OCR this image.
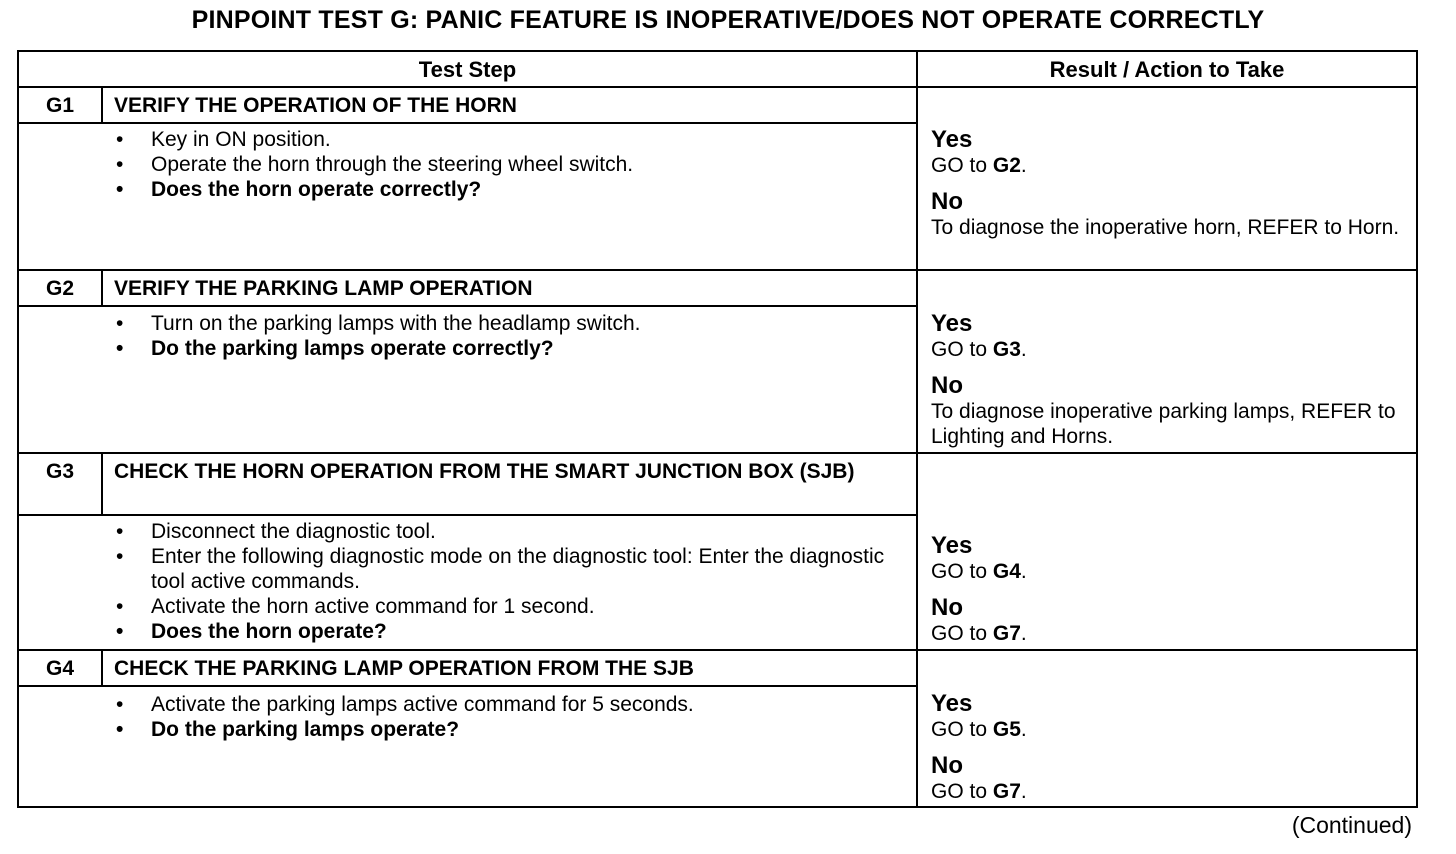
PINPOINT TEST G: PANIC FEATURE IS INOPERATIVE/DOES NOT OPERATE CORRECTLY
Test Step	Result / Action to Take
G1	VERIFY THE OPERATION OF THE HORN
• Key in ON position.
• Operate the horn through the steering wheel switch.
• Does the horn operate correctly?
Yes
GO to G2.
No
To diagnose the inoperative horn, REFER to Horn.
G2	VERIFY THE PARKING LAMP OPERATION
• Turn on the parking lamps with the headlamp switch.
• Do the parking lamps operate correctly?
Yes
GO to G3.
No
To diagnose inoperative parking lamps, REFER to Lighting and Horns.
G3	CHECK THE HORN OPERATION FROM THE SMART JUNCTION BOX (SJB)
• Disconnect the diagnostic tool.
• Enter the following diagnostic mode on the diagnostic tool: Enter the diagnostic tool active commands.
• Activate the horn active command for 1 second.
• Does the horn operate?
Yes
GO to G4.
No
GO to G7.
G4	CHECK THE PARKING LAMP OPERATION FROM THE SJB
• Activate the parking lamps active command for 5 seconds.
• Do the parking lamps operate?
Yes
GO to G5.
No
GO to G7.
(Continued)
